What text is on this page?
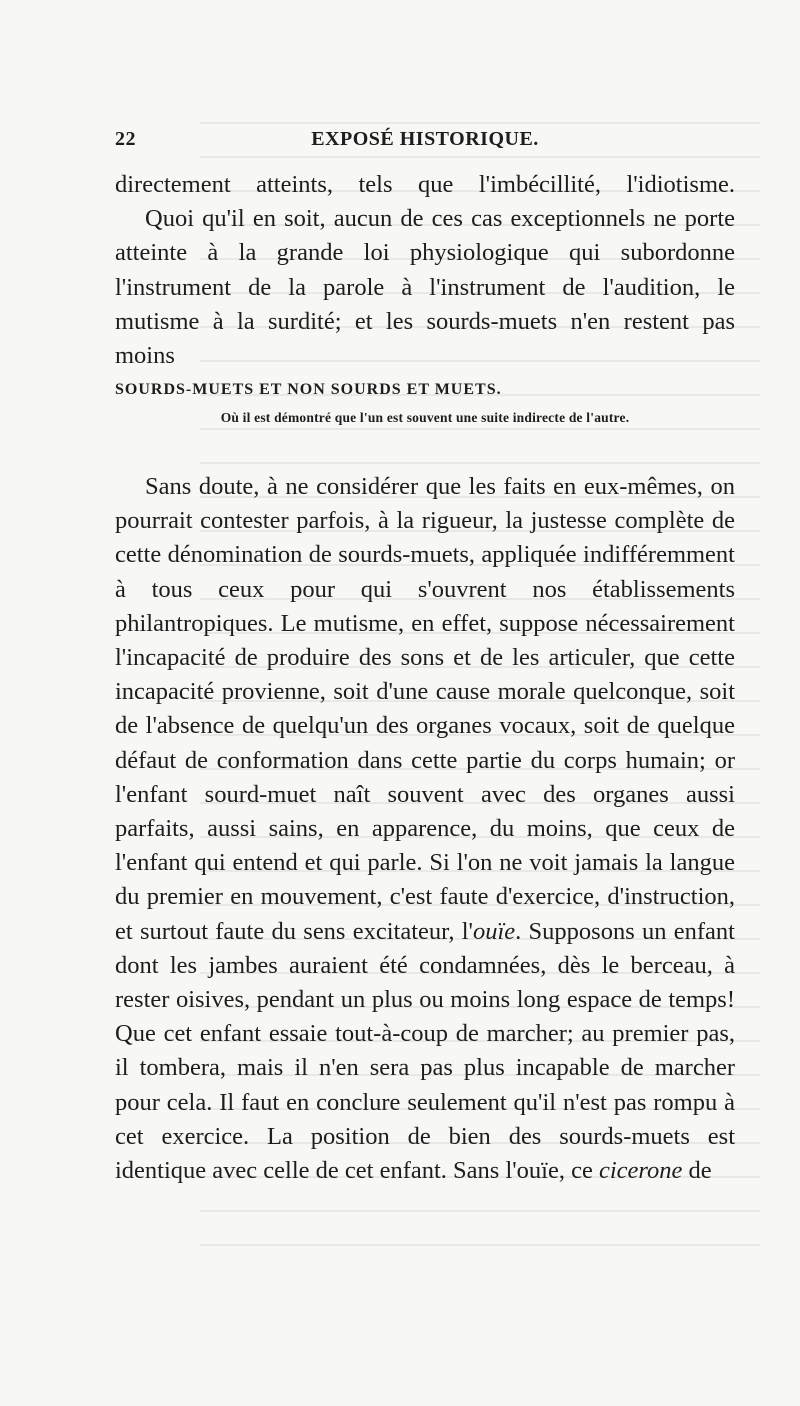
22	EXPOSÉ HISTORIQUE.

directement atteints, tels que l'imbécillité, l'idiotisme.

Quoi qu'il en soit, aucun de ces cas exceptionnels ne porte atteinte à la grande loi physiologique qui subordonne l'instrument de la parole à l'instrument de l'audition, le mutisme à la surdité; et les sourds-muets n'en restent pas moins

SOURDS-MUETS ET NON SOURDS ET MUETS.

Où il est démontré que l'un est souvent une suite indirecte de l'autre.

Sans doute, à ne considérer que les faits en eux-mêmes, on pourrait contester parfois, à la rigueur, la justesse complète de cette dénomination de sourds-muets, appliquée indifféremment à tous ceux pour qui s'ouvrent nos établissements philantropiques. Le mutisme, en effet, suppose nécessairement l'incapacité de produire des sons et de les articuler, que cette incapacité provienne, soit d'une cause morale quelconque, soit de l'absence de quelqu'un des organes vocaux, soit de quelque défaut de conformation dans cette partie du corps humain; or l'enfant sourd-muet naît souvent avec des organes aussi parfaits, aussi sains, en apparence, du moins, que ceux de l'enfant qui entend et qui parle. Si l'on ne voit jamais la langue du premier en mouvement, c'est faute d'exercice, d'instruction, et surtout faute du sens excitateur, l'ouïe. Supposons un enfant dont les jambes auraient été condamnées, dès le berceau, à rester oisives, pendant un plus ou moins long espace de temps! Que cet enfant essaie tout-à-coup de marcher; au premier pas, il tombera, mais il n'en sera pas plus incapable de marcher pour cela. Il faut en conclure seulement qu'il n'est pas rompu à cet exercice. La position de bien des sourds-muets est identique avec celle de cet enfant. Sans l'ouïe, ce cicerone de
